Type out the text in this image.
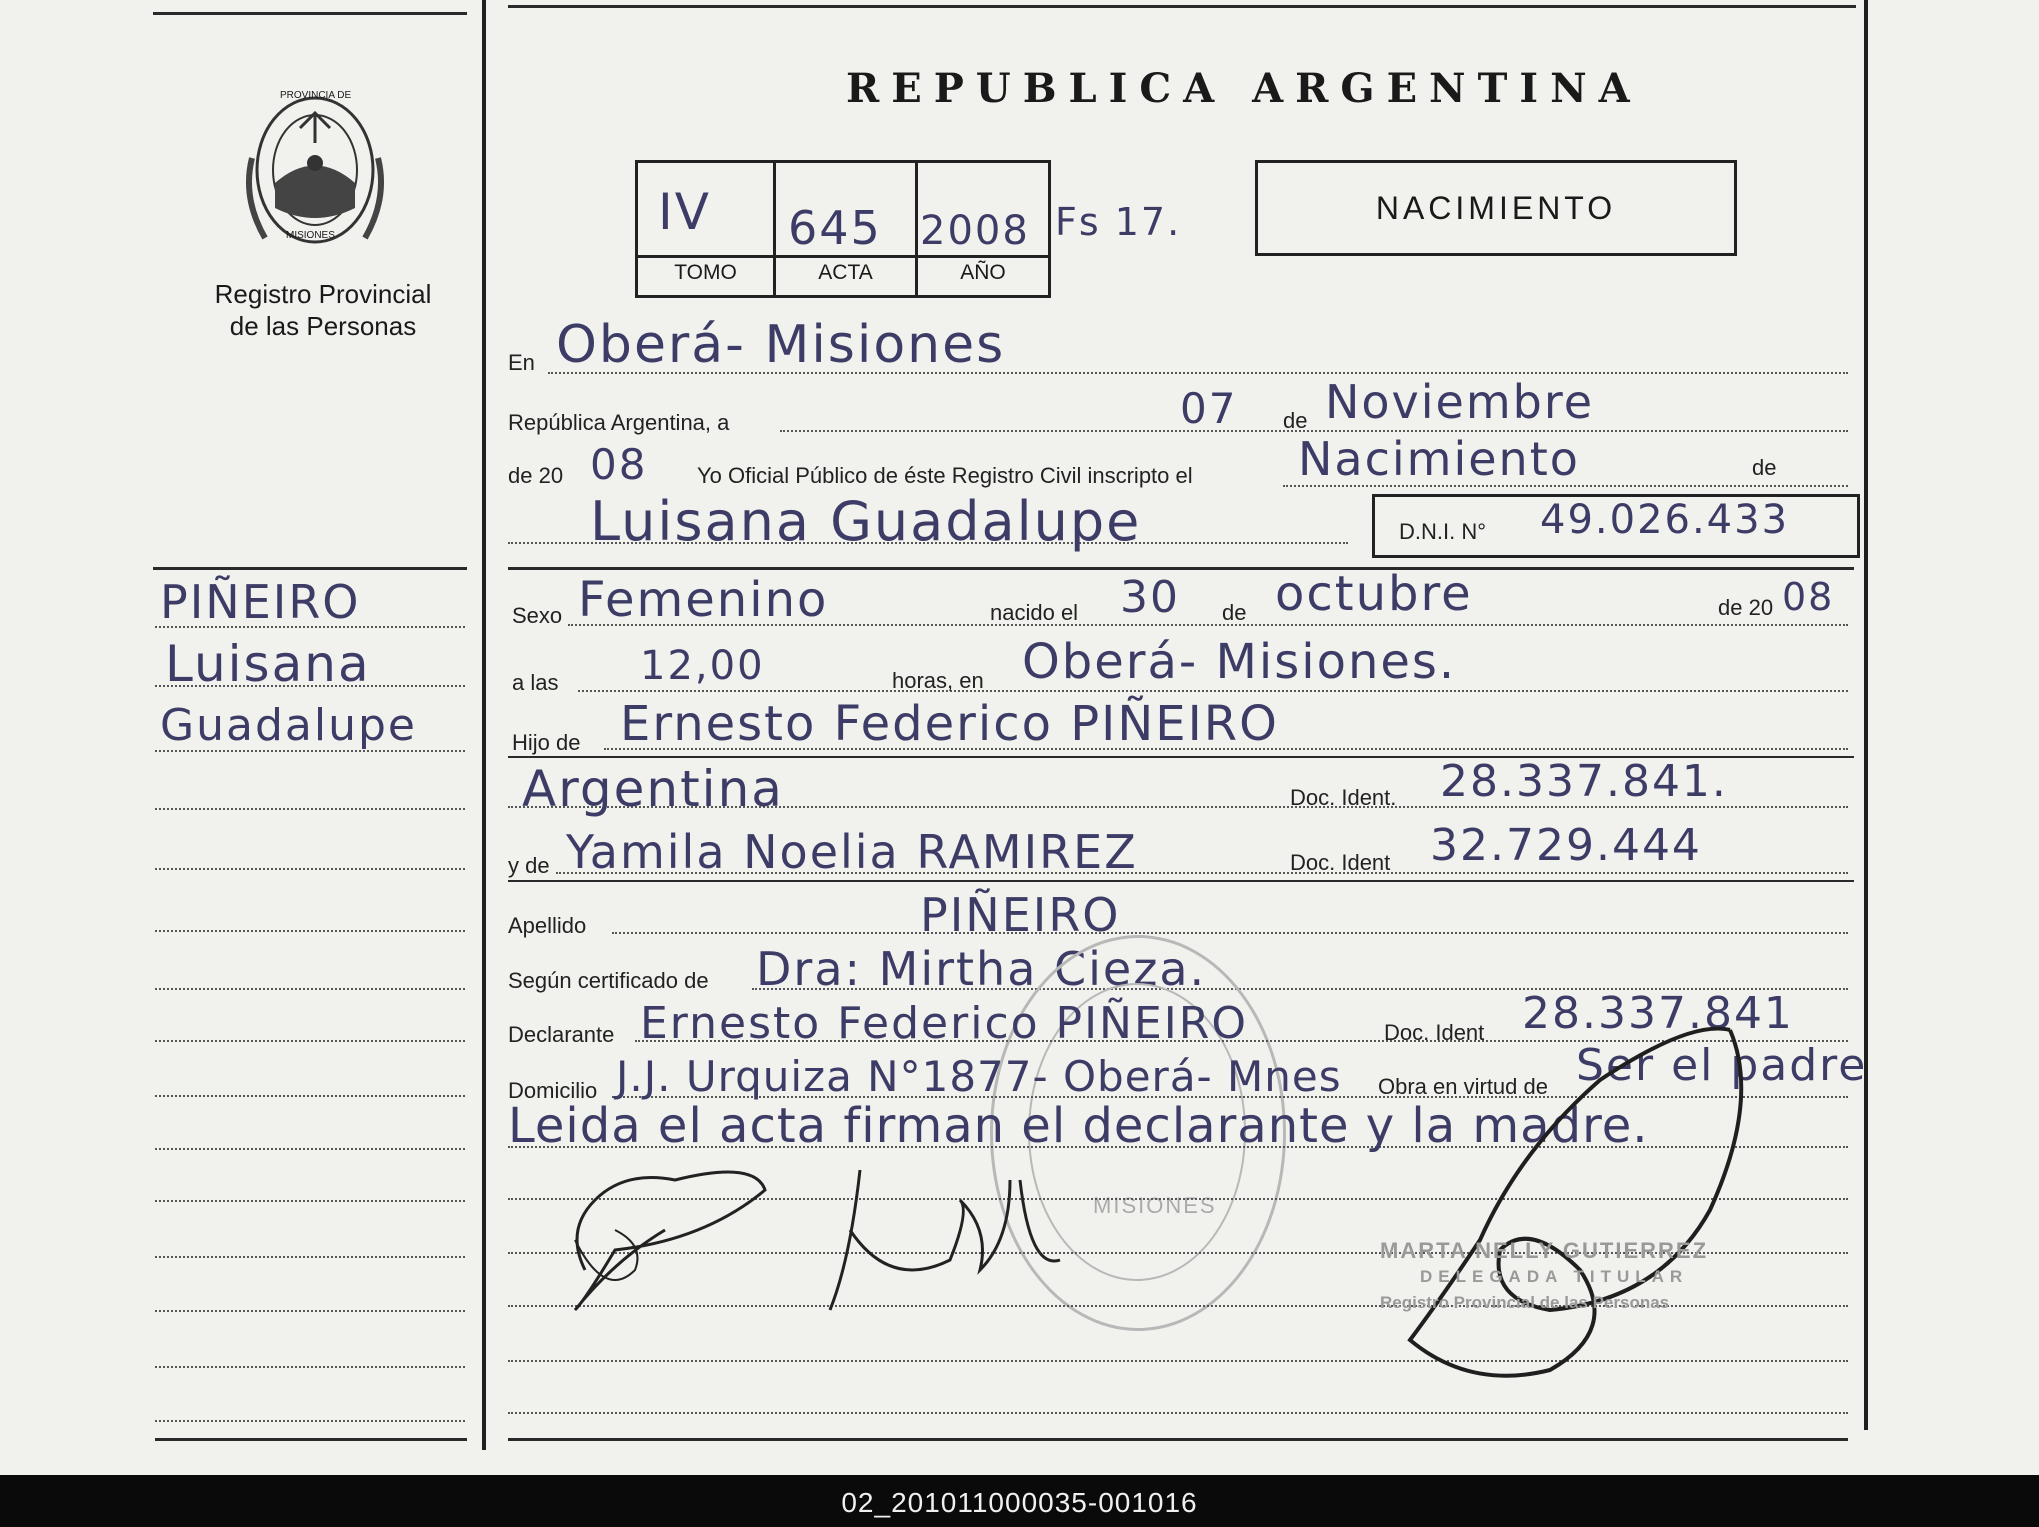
PROVINCIA DE
MISIONES
Registro Provincial
de las Personas
REPUBLICA ARGENTINA
IV 645 2008
TOMO	ACTA	AÑO
Fs 17.	NACIMIENTO
En Oberá- Misiones
República Argentina, a	07 de Noviembre
de 20 08 Yo Oficial Público de éste Registro Civil inscripto el Nacimiento	de
Luisana Guadalupe	D.N.I. N° 49.026.433
PIÑEIRO
Luisana
Guadalupe
Sexo Femenino	nacido el 30 de octubre	de 20 08
a las 12,00	horas, en Oberá- Misiones.
Hijo de Ernesto Federico PIÑEIRO
Argentina	Doc. Ident. 28.337.841.
y de Yamila Noelia RAMIREZ	Doc. Ident 32.729.444
Apellido	PIÑEIRO
Según certificado de Dra: Mirtha Cieza.
MISIONES
Declarante Ernesto Federico PIÑEIRO	Doc. Ident 28.337.841
Domicilio J.J. Urquiza N°1877- Oberá- Mnes Obra en virtud de Ser el padre
Leida el acta firman el declarante y la madre.
MARTA NELLY GUTIERREZ
DELEGADA TITULAR
Registro Provincial de las Personas
02_201011000035-001016
